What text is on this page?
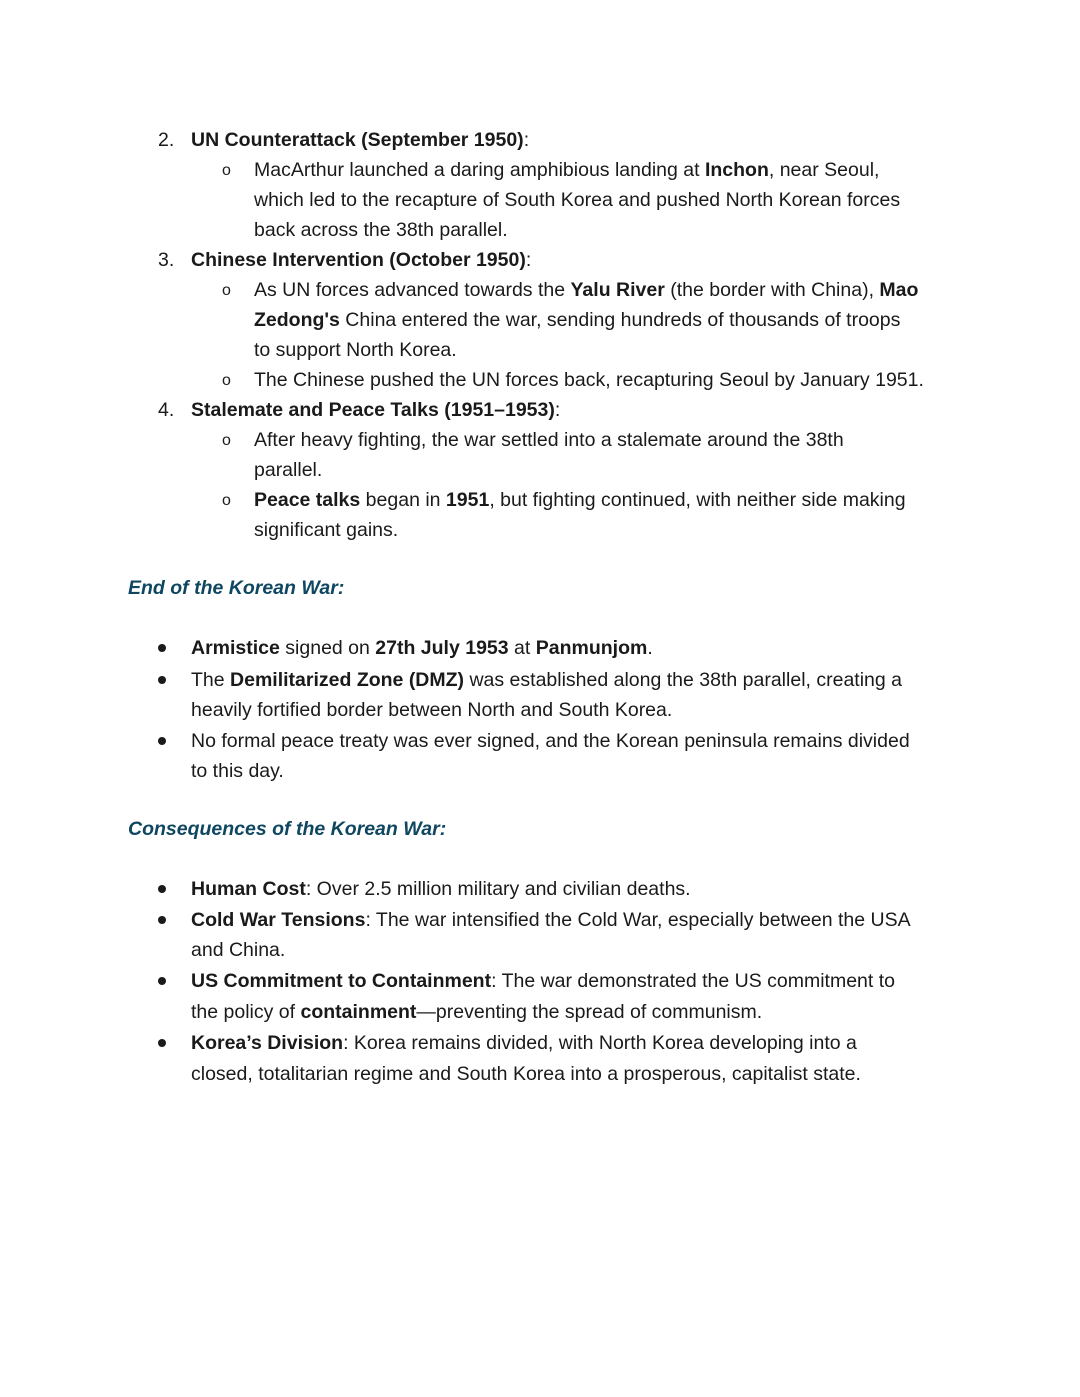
2. UN Counterattack (September 1950):
o MacArthur launched a daring amphibious landing at Inchon, near Seoul,
which led to the recapture of South Korea and pushed North Korean forces
back across the 38th parallel.
3. Chinese Intervention (October 1950):
o As UN forces advanced towards the Yalu River (the border with China), Mao
Zedong's China entered the war, sending hundreds of thousands of troops
to support North Korea.
o The Chinese pushed the UN forces back, recapturing Seoul by January 1951.
4. Stalemate and Peace Talks (1951–1953):
o After heavy fighting, the war settled into a stalemate around the 38th
parallel.
o Peace talks began in 1951, but fighting continued, with neither side making
significant gains.
End of the Korean War:
Armistice signed on 27th July 1953 at Panmunjom.
The Demilitarized Zone (DMZ) was established along the 38th parallel, creating a
heavily fortified border between North and South Korea.
No formal peace treaty was ever signed, and the Korean peninsula remains divided
to this day.
Consequences of the Korean War:
Human Cost: Over 2.5 million military and civilian deaths.
Cold War Tensions: The war intensified the Cold War, especially between the USA
and China.
US Commitment to Containment: The war demonstrated the US commitment to
the policy of containment—preventing the spread of communism.
Korea’s Division: Korea remains divided, with North Korea developing into a
closed, totalitarian regime and South Korea into a prosperous, capitalist state.
